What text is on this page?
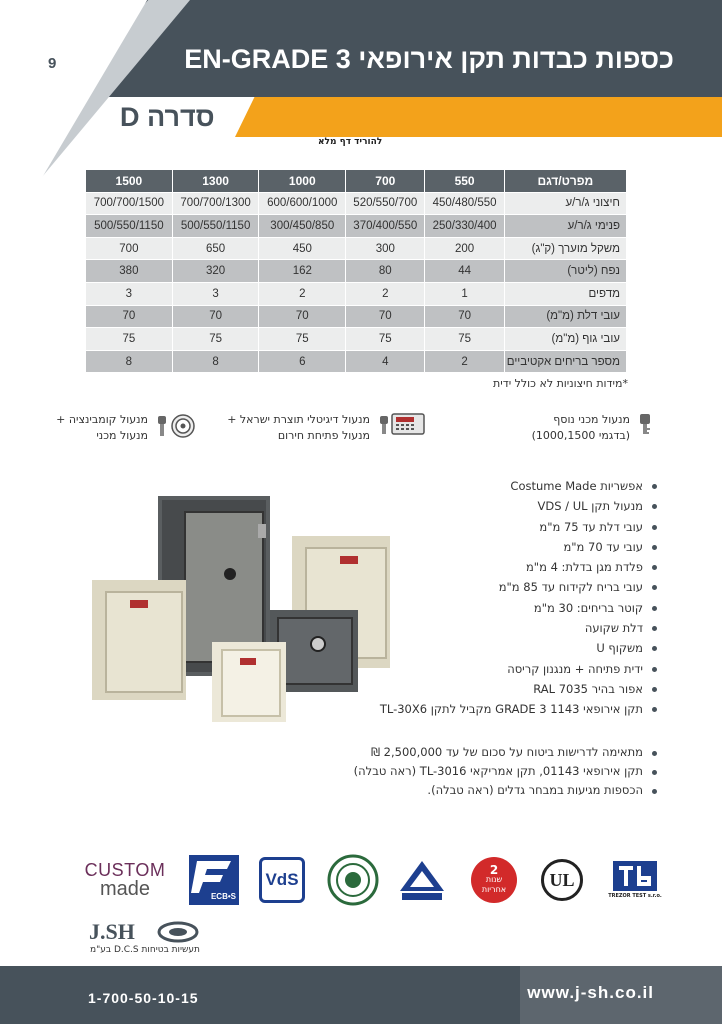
9	כספות כבדות תקן אירופאי EN-GRADE 3
סדרה D
להוריד דף מלא
מפרט/דגם	550	700	1000	1300	1500
חיצוני ג/ר/ע	450/480/550	520/550/700	600/600/1000	700/700/1300	700/700/1500
פנימי ג/ר/ע	250/330/400	370/400/550	300/450/850	500/550/1150	500/550/1150
משקל מוערך (ק"ג)	200	300	450	650	700
נפח (ליטר)	44	80	162	320	380
מדפים	1	2	2	3	3
עובי דלת (מ"מ)	70	70	70	70	70
עובי גוף (מ"מ)	75	75	75	75	75
מספר בריחים אקטיביים	2	4	6	8	8
*מידות חיצוניות לא כולל ידית
מנעול מכני נוסף
(בדגמי 1000,1500)
מנעול דיגיטלי תוצרת ישראל +
מנעול פתיחת חירום
מנעול קומבינציה +
מנעול מכני
אפשריות Costume Made
מנעול תקן VDS / UL
עובי דלת עד 75 מ"מ
עובי עד 70 מ"מ
פלדת מגן בדלת: 4 מ"מ
עובי בריח לקידוח עד 85 מ"מ
קוטר בריחים: 30 מ"מ
דלת שקועה
משקוף U
ידית פתיחה + מנגנון קריסה
אפור בהיר RAL 7035
תקן אירופאי 1143 GRADE 3 מקביל לתקן TL-30X6
מתאימה לדרישות ביטוח על סכום של עד 2,500,000 ₪
תקן אירופאי 01143, תקן אמריקאי TL-3016 (ראה טבלה)
הכספות מגיעות במבחר גדלים (ראה טבלה).
CUSTOM
made	ECB•S
VdS	2
שנות
אחריות UL
TREZOR TEST s.r.o.
J.SH
תעשיות בטיחות D.C.S בע"מ
1-700-50-10-15	www.j-sh.co.il
